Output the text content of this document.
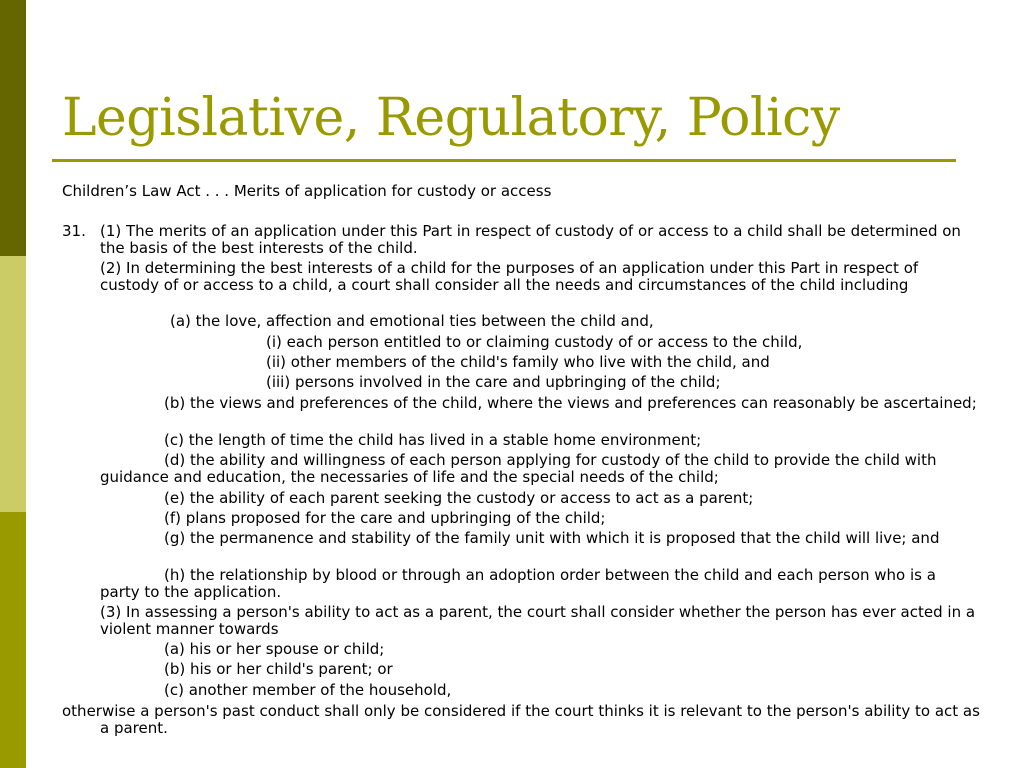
Legislative, Regulatory, Policy
Children’s Law Act . . . Merits of application for custody or access
31. (1) The merits of an application under this Part in respect of custody of or access to a child shall be determined on the basis of the best interests of the child.
(2) In determining the best interests of a child for the purposes of an application under this Part in respect of custody of or access to a child, a court shall consider all the needs and circumstances of the child including
(a) the love, affection and emotional ties between the child and,
(i) each person entitled to or claiming custody of or access to the child,
(ii) other members of the child's family who live with the child, and
(iii) persons involved in the care and upbringing of the child;
(b) the views and preferences of the child, where the views and preferences can reasonably be ascertained;
(c) the length of time the child has lived in a stable home environment;
(d) the ability and willingness of each person applying for custody of the child to provide the child with guidance and education, the necessaries of life and the special needs of the child;
(e) the ability of each parent seeking the custody or access to act as a parent;
(f) plans proposed for the care and upbringing of the child;
(g) the permanence and stability of the family unit with which it is proposed that the child will live; and
(h) the relationship by blood or through an adoption order between the child and each person who is a party to the application.
(3) In assessing a person's ability to act as a parent, the court shall consider whether the person has ever acted in a violent manner towards
(a) his or her spouse or child;
(b) his or her child's parent; or
(c) another member of the household,
otherwise a person's past conduct shall only be considered if the court thinks it is relevant to the person's ability to act as a parent.
